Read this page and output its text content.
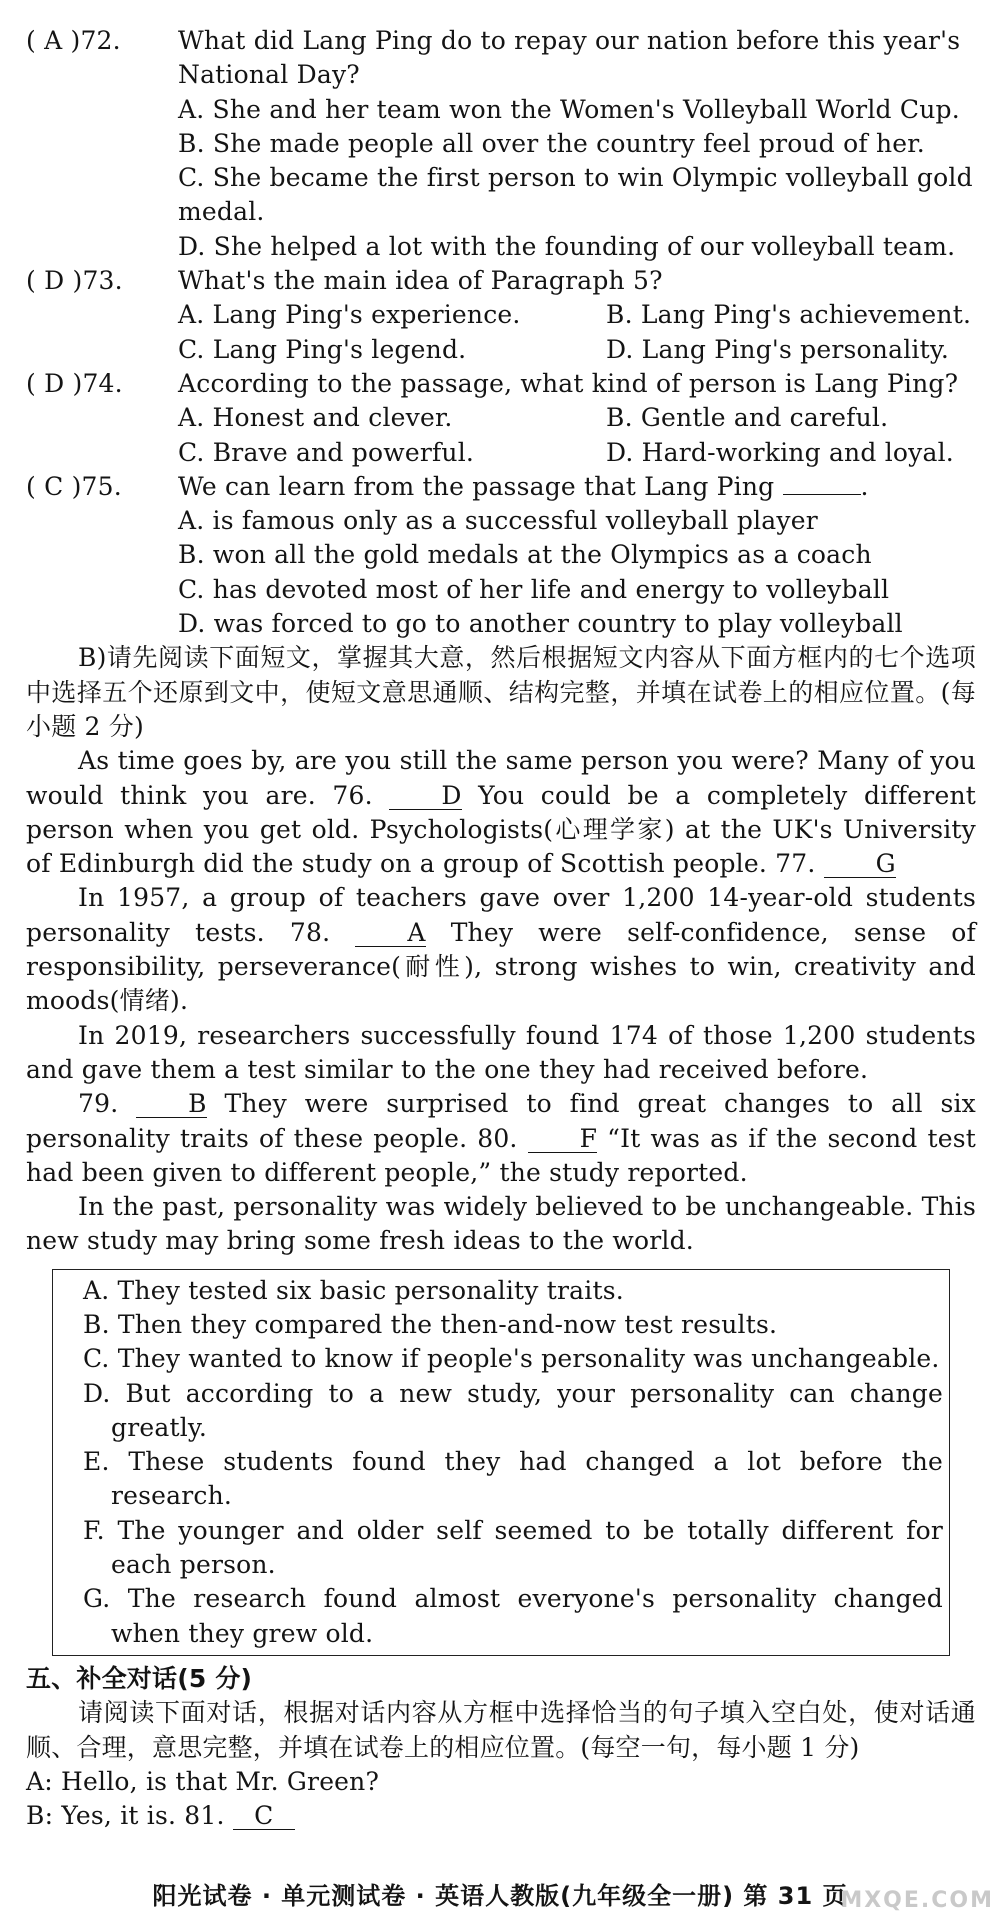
( A )72.	What did Lang Ping do to repay our nation before this year's National Day?
A. She and her team won the Women's Volleyball World Cup.
B. She made people all over the country feel proud of her.
C. She became the first person to win Olympic volleyball gold medal.
D. She helped a lot with the founding of our volleyball team.
( D )73.	What's the main idea of Paragraph 5?
A. Lang Ping's experience.	B. Lang Ping's achievement.
C. Lang Ping's legend.	D. Lang Ping's personality.
( D )74.	According to the passage, what kind of person is Lang Ping?
A. Honest and clever.	B. Gentle and careful.
C. Brave and powerful.	D. Hard-working and loyal.
( C )75.	We can learn from the passage that Lang Ping	.
A. is famous only as a successful volleyball player
B. won all the gold medals at the Olympics as a coach
C. has devoted most of her life and energy to volleyball
D. was forced to go to another country to play volleyball
B)请先阅读下面短文，掌握其大意，然后根据短文内容从下面方框内的七个选项中选择五个还原到文中，使短文意思通顺、结构完整，并填在试卷上的相应位置。(每小题 2 分)
As time goes by, are you still the same person you were? Many of you would think you are. 76.	D You could be a completely different person when you get old. Psychologists(心理学家) at the UK's University of Edinburgh did the study on a group of Scottish people. 77. G
In 1957, a group of teachers gave over 1,200 14-year-old students personality tests. 78.	A They were self-confidence, sense of responsibility, perseverance(耐性), strong wishes to win, creativity and moods(情绪).
In 2019, researchers successfully found 174 of those 1,200 students and gave them a test similar to the one they had received before.
79.	B They were surprised to find great changes to all six personality traits of these people. 80. F “It was as if the second test had been given to different people,” the study reported.
In the past, personality was widely believed to be unchangeable. This new study may bring some fresh ideas to the world.
A. They tested six basic personality traits.
B. Then they compared the then-and-now test results.
C. They wanted to know if people's personality was unchangeable.
D. But according to a new study, your personality can change greatly.
E. These students found they had changed a lot before the research.
F. The younger and older self seemed to be totally different for each person.
G. The research found almost everyone's personality changed when they grew old.
五、补全对话(5 分)
请阅读下面对话，根据对话内容从方框中选择恰当的句子填入空白处，使对话通顺、合理，意思完整，并填在试卷上的相应位置。(每空一句，每小题 1 分)
A: Hello, is that Mr. Green?
B: Yes, it is. 81. C
阳光试卷 · 单元测试卷 · 英语人教版(九年级全一册) 第 31 页
MXQE.COM
